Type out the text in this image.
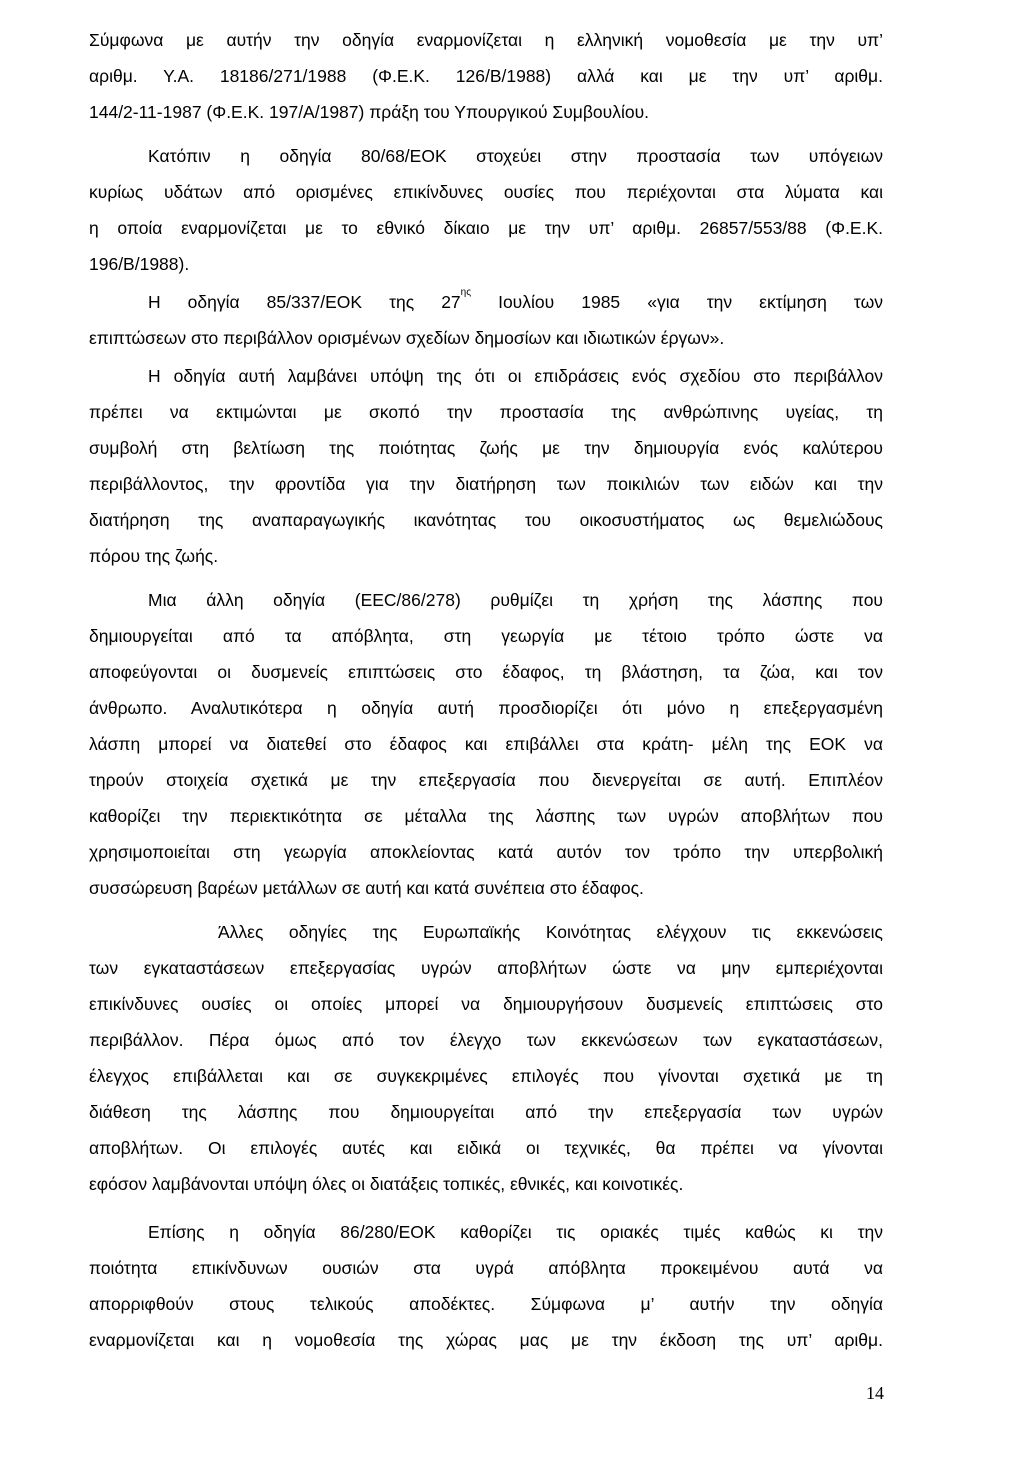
Σύμφωνα με αυτήν την οδηγία εναρμονίζεται η ελληνική νομοθεσία με την υπ’
αριθμ. Υ.Α. 18186/271/1988 (Φ.Ε.Κ. 126/Β/1988) αλλά και με την υπ’ αριθμ.
144/2-11-1987 (Φ.Ε.Κ. 197/Α/1987) πράξη του Υπουργικού Συμβουλίου.
Κατόπιν η οδηγία 80/68/ΕΟΚ στοχεύει στην προστασία των υπόγειων
κυρίως υδάτων από ορισμένες επικίνδυνες ουσίες που περιέχονται στα λύματα και
η οποία εναρμονίζεται με το εθνικό δίκαιο με την υπ’ αριθμ. 26857/553/88 (Φ.Ε.Κ.
196/Β/1988).
Η οδηγία 85/337/ΕΟΚ της $27^{\eta\varsigma}$ Ιουλίου 1985 «για την εκτίμηση των
επιπτώσεων στο περιβάλλον ορισμένων σχεδίων δημοσίων και ιδιωτικών έργων».
Η οδηγία αυτή λαμβάνει υπόψη της ότι οι επιδράσεις ενός σχεδίου στο περιβάλλον
πρέπει να εκτιμώνται με σκοπό την προστασία της ανθρώπινης υγείας, τη
συμβολή στη βελτίωση της ποιότητας ζωής με την δημιουργία ενός καλύτερου
περιβάλλοντος, την φροντίδα για την διατήρηση των ποικιλιών των ειδών και την
διατήρηση της αναπαραγωγικής ικανότητας του οικοσυστήματος ως θεμελιώδους
πόρου της ζωής.
Μια άλλη οδηγία (ΕΕC/86/278) ρυθμίζει τη χρήση της λάσπης που
δημιουργείται από τα απόβλητα, στη γεωργία με τέτοιο τρόπο ώστε να
αποφεύγονται οι δυσμενείς επιπτώσεις στο έδαφος, τη βλάστηση, τα ζώα, και τον
άνθρωπο. Αναλυτικότερα η οδηγία αυτή προσδιορίζει ότι μόνο η επεξεργασμένη
λάσπη μπορεί να διατεθεί στο έδαφος και επιβάλλει στα κράτη- μέλη της ΕΟΚ να
τηρούν στοιχεία σχετικά με την επεξεργασία που διενεργείται σε αυτή. Επιπλέον
καθορίζει την περιεκτικότητα σε μέταλλα της λάσπης των υγρών αποβλήτων που
χρησιμοποιείται στη γεωργία αποκλείοντας κατά αυτόν τον τρόπο την υπερβολική
συσσώρευση βαρέων μετάλλων σε αυτή και κατά συνέπεια στο έδαφος.
Άλλες οδηγίες της Ευρωπαϊκής Κοινότητας ελέγχουν τις εκκενώσεις
των εγκαταστάσεων επεξεργασίας υγρών αποβλήτων ώστε να μην εμπεριέχονται
επικίνδυνες ουσίες οι οποίες μπορεί να δημιουργήσουν δυσμενείς επιπτώσεις στο
περιβάλλον. Πέρα όμως από τον έλεγχο των εκκενώσεων των εγκαταστάσεων,
έλεγχος επιβάλλεται και σε συγκεκριμένες επιλογές που γίνονται σχετικά με τη
διάθεση της λάσπης που δημιουργείται από την επεξεργασία των υγρών
αποβλήτων. Οι επιλογές αυτές και ειδικά οι τεχνικές, θα πρέπει να γίνονται
εφόσον λαμβάνονται υπόψη όλες οι διατάξεις τοπικές, εθνικές, και κοινοτικές.
Επίσης η οδηγία 86/280/ΕΟΚ καθορίζει τις οριακές τιμές καθώς κι την
ποιότητα επικίνδυνων ουσιών στα υγρά απόβλητα προκειμένου αυτά να
απορριφθούν στους τελικούς αποδέκτες. Σύμφωνα μ’ αυτήν την οδηγία
εναρμονίζεται και η νομοθεσία της χώρας μας με την έκδοση της υπ’ αριθμ.
14
